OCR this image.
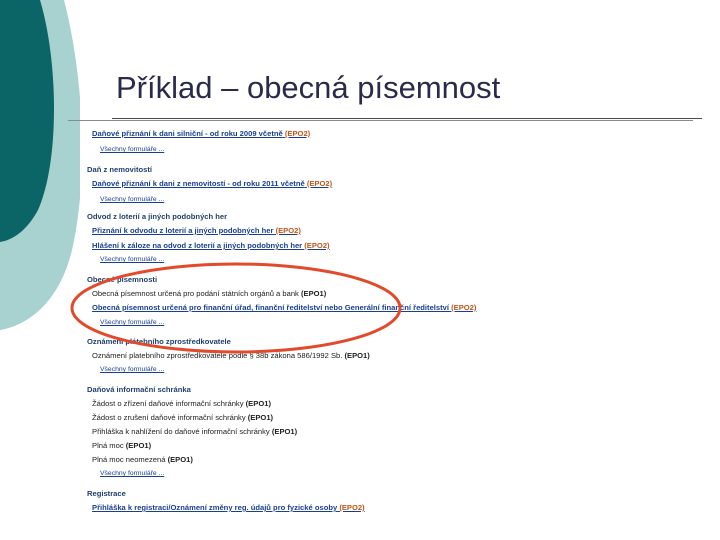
Příklad – obecná písemnost
Daňové přiznání k dani silniční - od roku 2009 včetně (EPO2)
Všechny formuláře ...
Daň z nemovitostí
Daňové přiznání k dani z nemovitostí - od roku 2011 včetně (EPO2)
Všechny formuláře ...
Odvod z loterií a jiných podobných her
Přiznání k odvodu z loterií a jiných podobných her (EPO2)
Hlášení k záloze na odvod z loterií a jiných podobných her (EPO2)
Všechny formuláře ...
Obecné písemnosti
Obecná písemnost určená pro podání státních orgánů a bank (EPO1)
Obecná písemnost určená pro finanční úřad, finanční ředitelství nebo Generální finanční ředitelství (EPO2)
Všechny formuláře ...
Oznámení plátebního zprostředkovatele
Oznámení platebního zprostředkovatele podle § 38b zákona 586/1992 Sb. (EPO1)
Všechny formuláře ...
Daňová informační schránka
Žádost o zřízení daňové informační schránky (EPO1)
Žádost o zrušení daňové informační schránky (EPO1)
Přihláška k nahlížení do daňové informační schránky (EPO1)
Plná moc (EPO1)
Plná moc neomezená (EPO1)
Všechny formuláře ...
Registrace
Přihláška k registraci/Oznámení změny reg. údajů pro fyzické osoby (EPO2)
